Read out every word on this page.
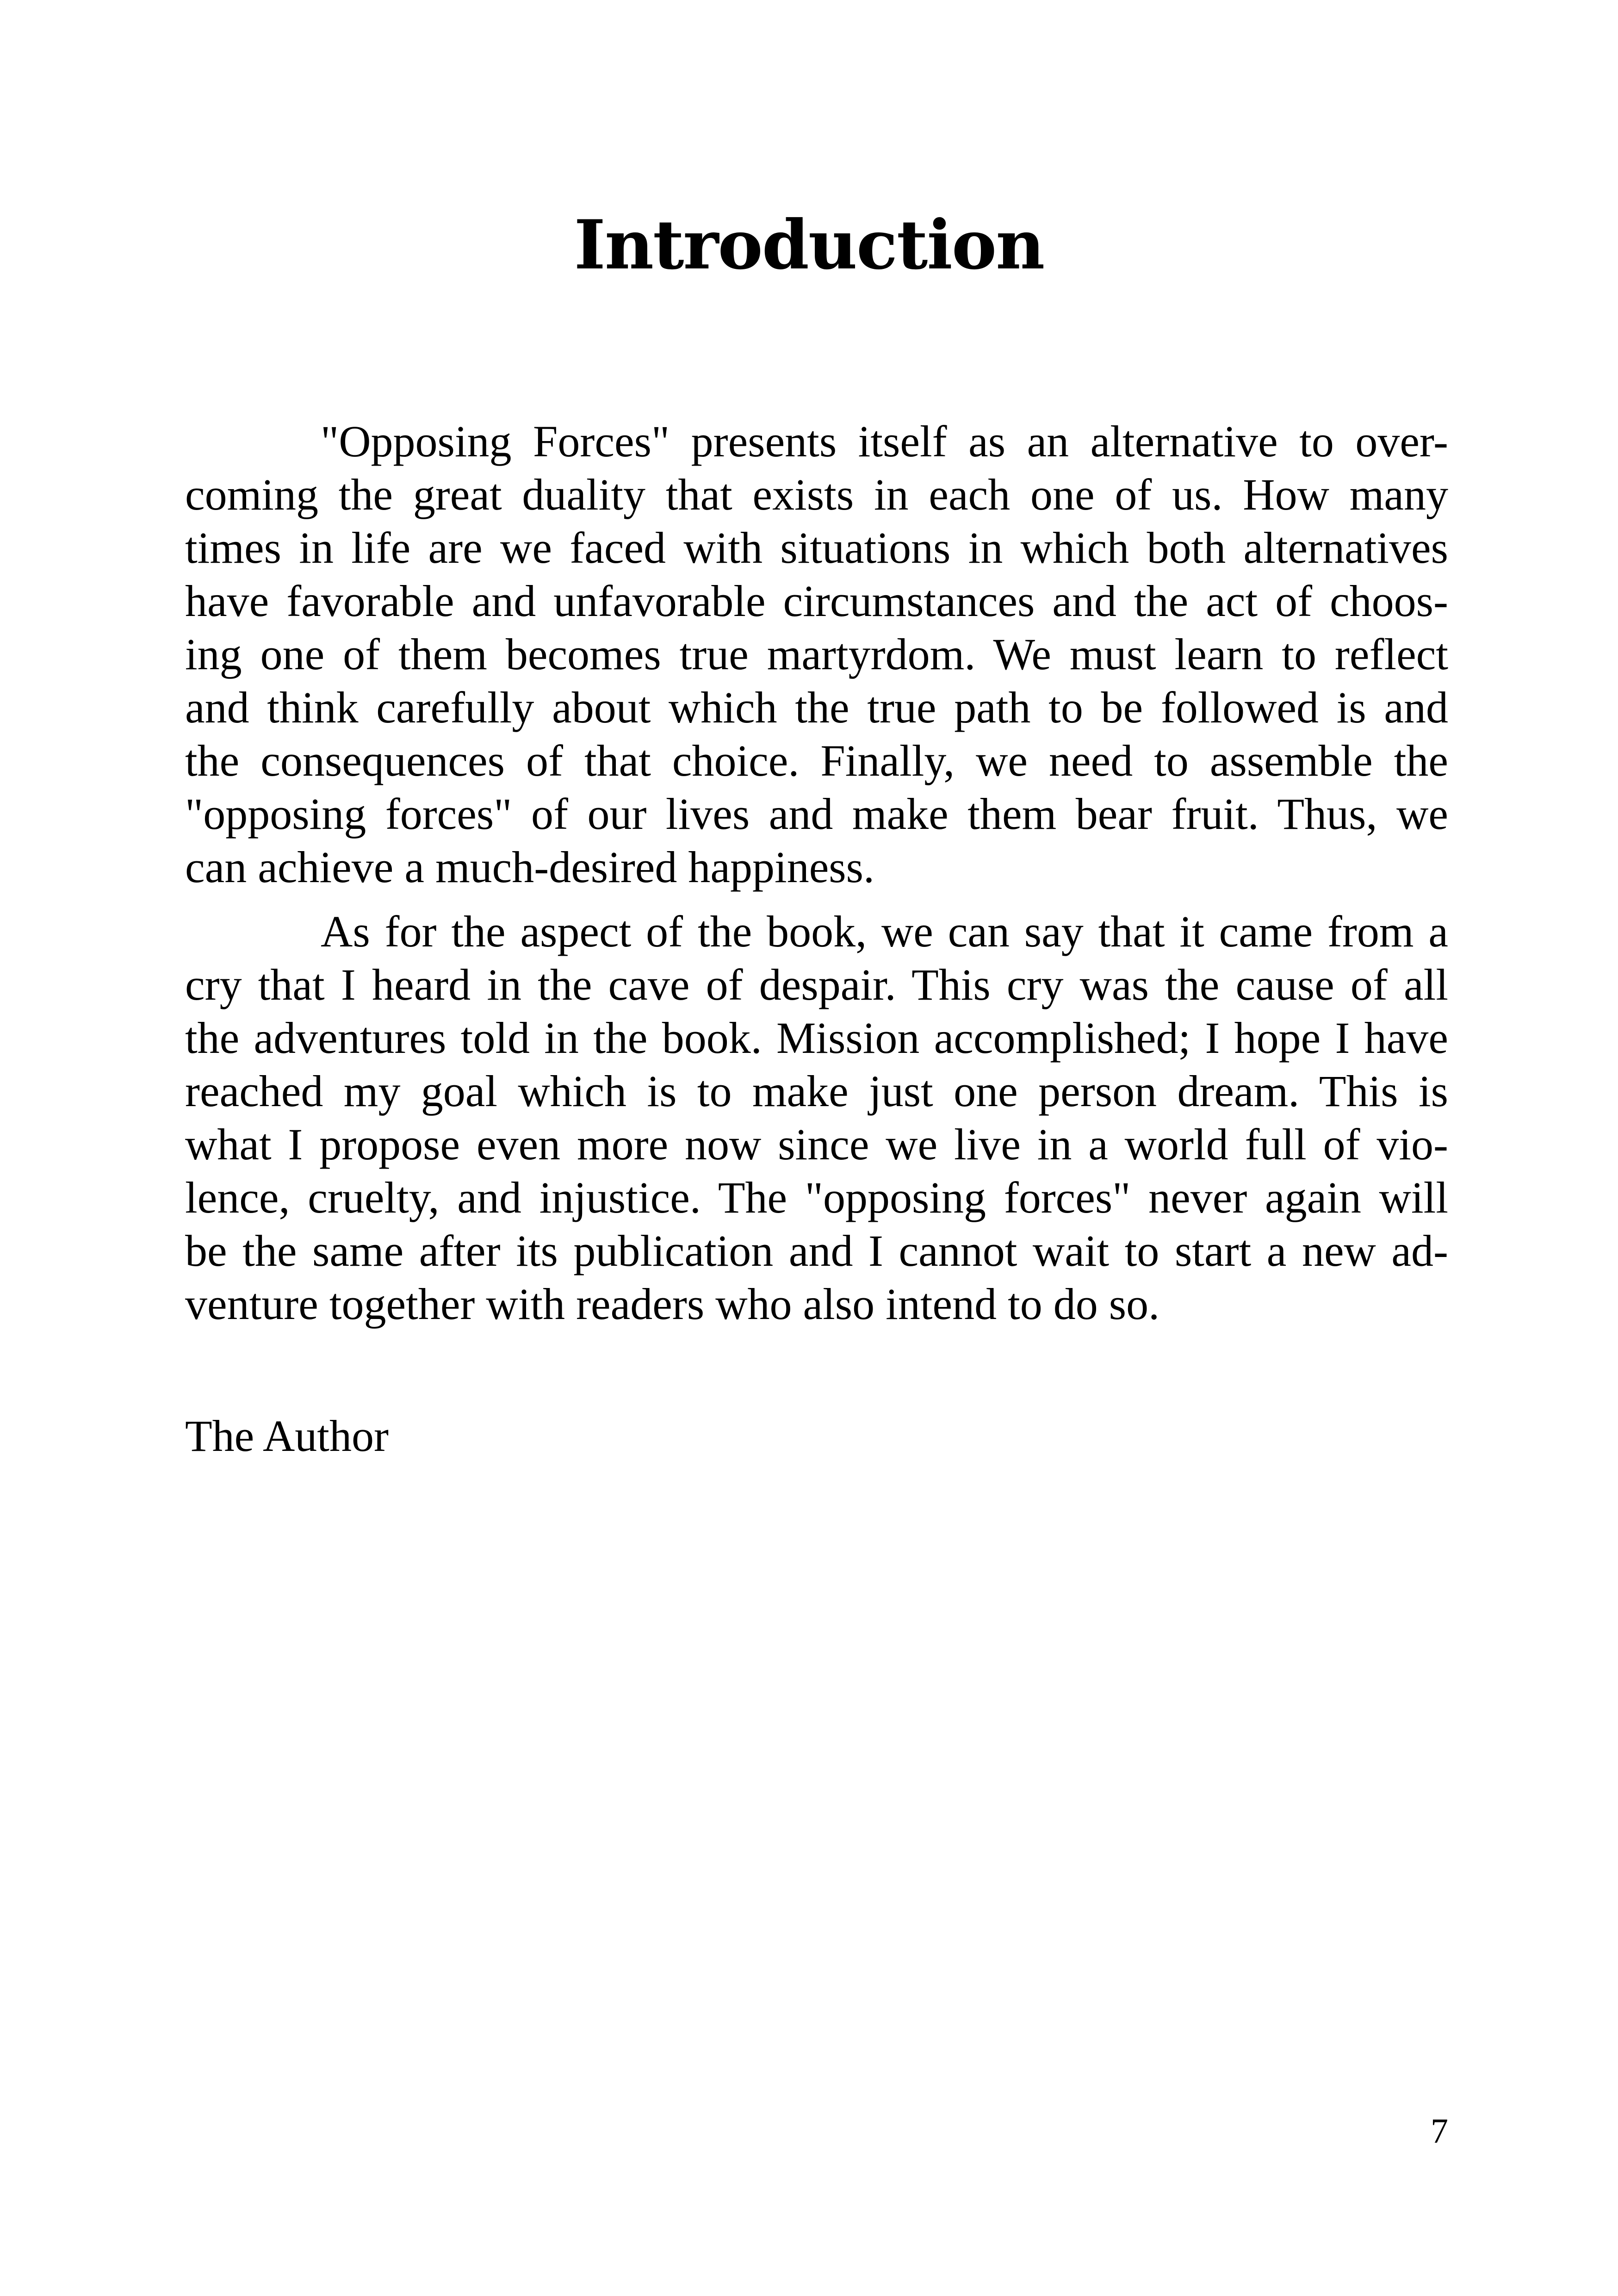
Introduction

"Opposing Forces" presents itself as an alternative to over-
coming the great duality that exists in each one of us. How many
times in life are we faced with situations in which both alternatives
have favorable and unfavorable circumstances and the act of choos-
ing one of them becomes true martyrdom. We must learn to reflect
and think carefully about which the true path to be followed is and
the consequences of that choice. Finally, we need to assemble the
"opposing forces" of our lives and make them bear fruit. Thus, we
can achieve a much-desired happiness.

As for the aspect of the book, we can say that it came from a
cry that I heard in the cave of despair. This cry was the cause of all
the adventures told in the book. Mission accomplished; I hope I have
reached my goal which is to make just one person dream. This is
what I propose even more now since we live in a world full of vio-
lence, cruelty, and injustice. The "opposing forces" never again will
be the same after its publication and I cannot wait to start a new ad-
venture together with readers who also intend to do so.

The Author

7
